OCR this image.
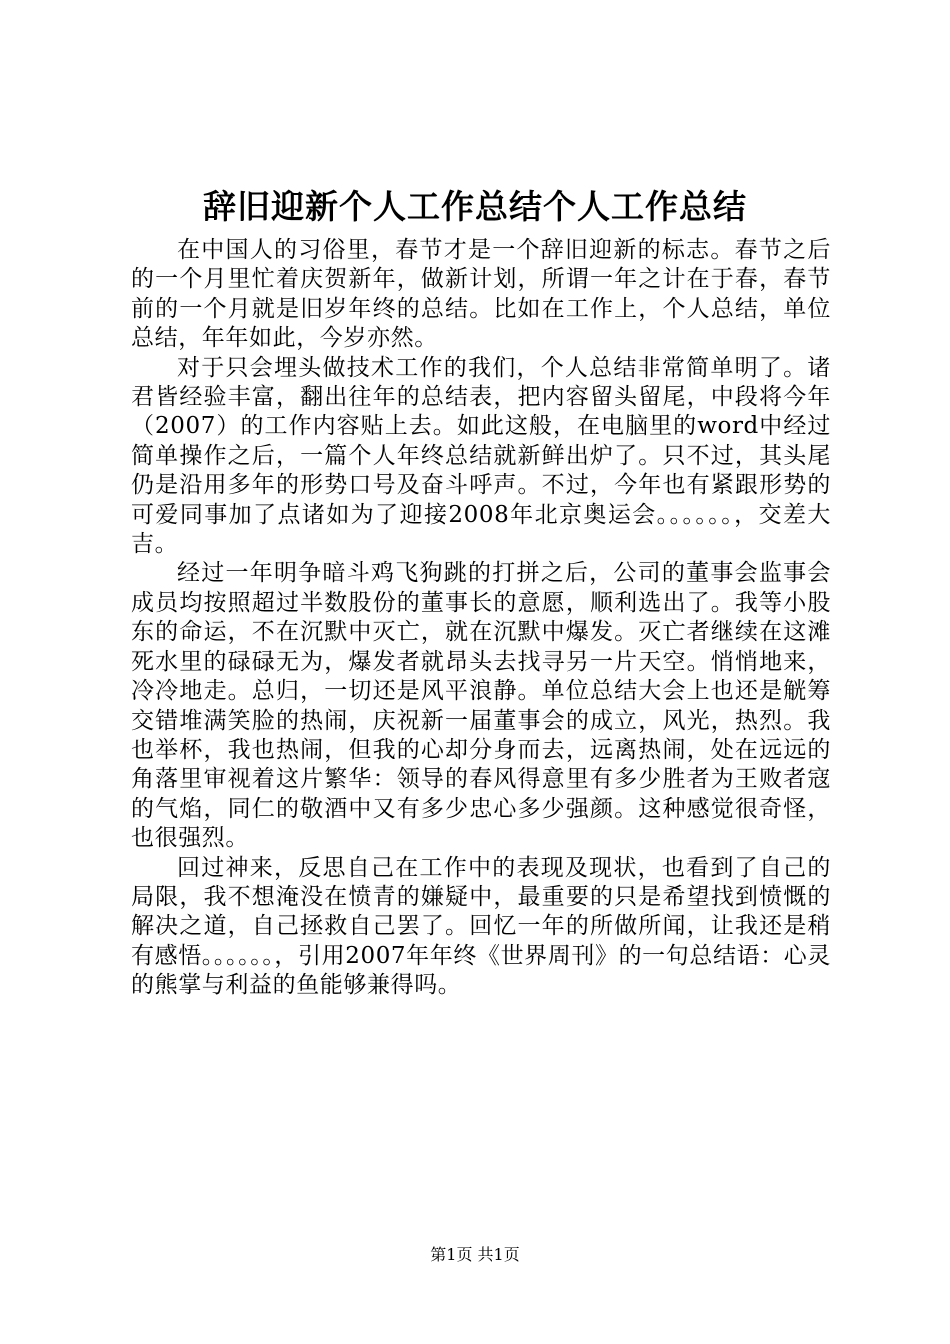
辞旧迎新个人工作总结个人工作总结

在中国人的习俗里，春节才是一个辞旧迎新的标志。春节之后的一个月里忙着庆贺新年，做新计划，所谓一年之计在于春，春节前的一个月就是旧岁年终的总结。比如在工作上，个人总结，单位总结，年年如此，今岁亦然。

对于只会埋头做技术工作的我们，个人总结非常简单明了。诸君皆经验丰富，翻出往年的总结表，把内容留头留尾，中段将今年（2007）的工作内容贴上去。如此这般，在电脑里的word中经过简单操作之后，一篇个人年终总结就新鲜出炉了。只不过，其头尾仍是沿用多年的形势口号及奋斗呼声。不过，今年也有紧跟形势的可爱同事加了点诸如为了迎接2008年北京奥运会。。。。。。，交差大吉。

经过一年明争暗斗鸡飞狗跳的打拼之后，公司的董事会监事会成员均按照超过半数股份的董事长的意愿，顺利选出了。我等小股东的命运，不在沉默中灭亡，就在沉默中爆发。灭亡者继续在这滩死水里的碌碌无为，爆发者就昂头去找寻另一片天空。悄悄地来，冷冷地走。总归，一切还是风平浪静。单位总结大会上也还是觥筹交错堆满笑脸的热闹，庆祝新一届董事会的成立，风光，热烈。我也举杯，我也热闹，但我的心却分身而去，远离热闹，处在远远的角落里审视着这片繁华：领导的春风得意里有多少胜者为王败者寇的气焰，同仁的敬酒中又有多少忠心多少强颜。这种感觉很奇怪，也很强烈。

回过神来，反思自己在工作中的表现及现状，也看到了自己的局限，我不想淹没在愤青的嫌疑中，最重要的只是希望找到愤慨的解决之道，自己拯救自己罢了。回忆一年的所做所闻，让我还是稍有感悟。。。。。。，引用2007年年终《世界周刊》的一句总结语：心灵的熊掌与利益的鱼能够兼得吗。

第1页 共1页
